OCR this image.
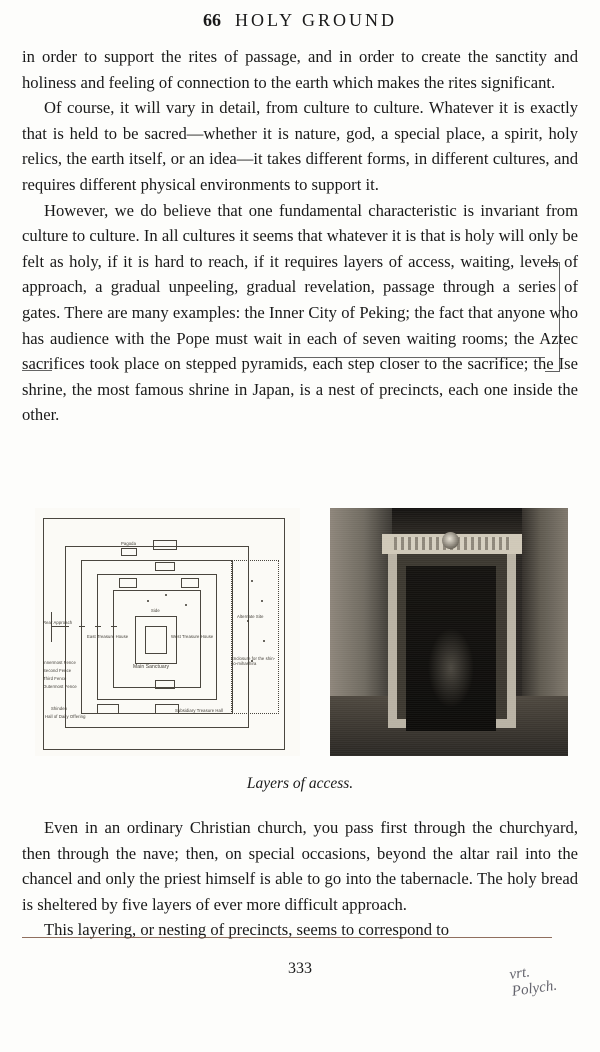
66 HOLY GROUND

in order to support the rites of passage, and in order to create the sanctity and holiness and feeling of connection to the earth which makes the rites significant.

Of course, it will vary in detail, from culture to culture. Whatever it is exactly that is held to be sacred—whether it is nature, god, a special place, a spirit, holy relics, the earth itself, or an idea—it takes different forms, in different cultures, and requires different physical environments to support it.

However, we do believe that one fundamental characteristic is invariant from culture to culture. In all cultures it seems that whatever it is that is holy will only be felt as holy, if it is hard to reach, if it requires layers of access, waiting, levels of approach, a gradual unpeeling, gradual revelation, passage through a series of gates. There are many examples: the Inner City of Peking; the fact that anyone who has audience with the Pope must wait in each of seven waiting rooms; the Aztec sacrifices took place on stepped pyramids, each step closer to the sacrifice; the Ise shrine, the most famous shrine in Japan, is a nest of precincts, each one inside the other.

Pagoda
Rear Approach
East Treasure House	West Treasure House
Main Sanctuary
Alternate Site
Enclosure for the shin-no-mihashira
Innermost Fence
Second Fence
Third Fence
Outermost Fence
Shinden
Hall of Daily Offering
Subsidiary Treasure Hall
Side
Layers of access.

Even in an ordinary Christian church, you pass first through the churchyard, then through the nave; then, on special occasions, beyond the altar rail into the chancel and only the priest himself is able to go into the tabernacle. The holy bread is sheltered by five layers of ever more difficult approach.

This layering, or nesting of precincts, seems to correspond to

333	vrt.
Polych.
